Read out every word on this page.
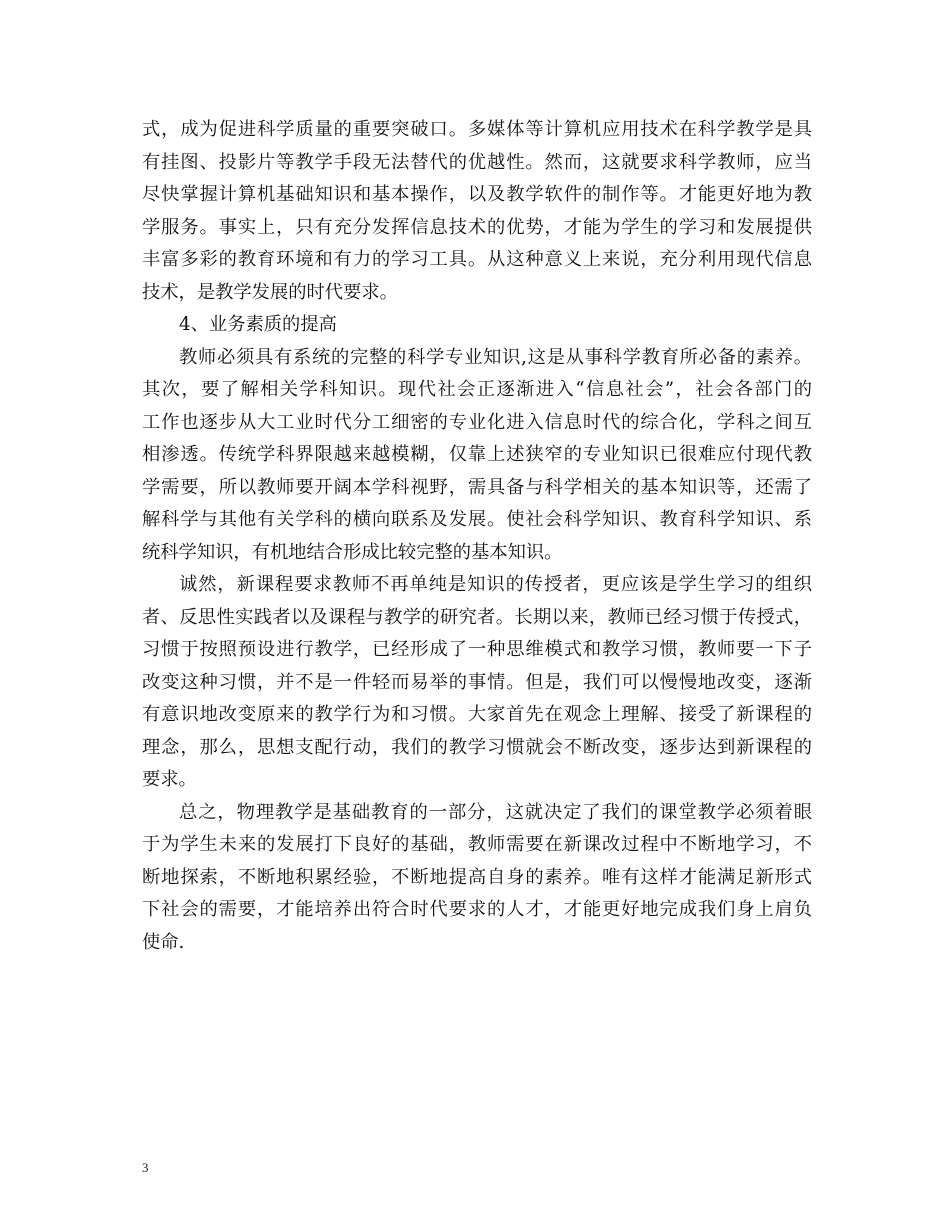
式，成为促进科学质量的重要突破口。多媒体等计算机应用技术在科学教学是具
有挂图、投影片等教学手段无法替代的优越性。然而，这就要求科学教师，应当
尽快掌握计算机基础知识和基本操作，以及教学软件的制作等。才能更好地为教
学服务。事实上，只有充分发挥信息技术的优势，才能为学生的学习和发展提供
丰富多彩的教育环境和有力的学习工具。从这种意义上来说，充分利用现代信息
技术，是教学发展的时代要求。
4、业务素质的提高
教师必须具有系统的完整的科学专业知识,这是从事科学教育所必备的素养。
其次，要了解相关学科知识。现代社会正逐渐进入“信息社会”，社会各部门的
工作也逐步从大工业时代分工细密的专业化进入信息时代的综合化，学科之间互
相渗透。传统学科界限越来越模糊，仅靠上述狭窄的专业知识已很难应付现代教
学需要，所以教师要开阔本学科视野，需具备与科学相关的基本知识等，还需了
解科学与其他有关学科的横向联系及发展。使社会科学知识、教育科学知识、系
统科学知识，有机地结合形成比较完整的基本知识。
诚然，新课程要求教师不再单纯是知识的传授者，更应该是学生学习的组织
者、反思性实践者以及课程与教学的研究者。长期以来，教师已经习惯于传授式，
习惯于按照预设进行教学，已经形成了一种思维模式和教学习惯，教师要一下子
改变这种习惯，并不是一件轻而易举的事情。但是，我们可以慢慢地改变，逐渐
有意识地改变原来的教学行为和习惯。大家首先在观念上理解、接受了新课程的
理念，那么，思想支配行动，我们的教学习惯就会不断改变，逐步达到新课程的
要求。
总之，物理教学是基础教育的一部分，这就决定了我们的课堂教学必须着眼
于为学生未来的发展打下良好的基础，教师需要在新课改过程中不断地学习，不
断地探索，不断地积累经验，不断地提高自身的素养。唯有这样才能满足新形式
下社会的需要，才能培养出符合时代要求的人才，才能更好地完成我们身上肩负
使命.
3
